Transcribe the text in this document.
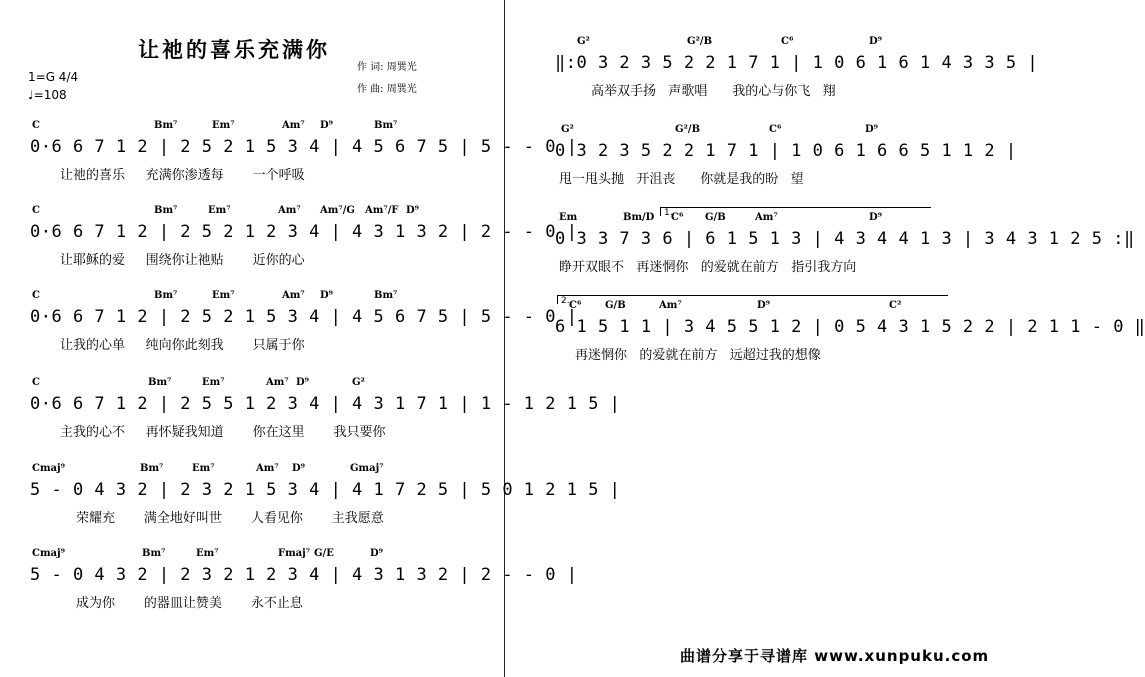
让祂的喜乐充满你
作 词: 周巽光
作 曲: 周巽光
1=G 4/4
♩=108
C	Bm⁷	Em⁷	Am⁷ D⁹	Bm⁷
0·6 6 7 1 2 | 2 5 2 1 5 3 4 | 4 5 6 7 5 | 5 - - 0 |
让祂的喜乐     充满你渗透每       一个呼吸
C	Bm⁷	Em⁷	Am⁷ Am⁷/G Am⁷/F D⁹
0·6 6 7 1 2 | 2 5 2 1 2 3 4 | 4 3 1 3 2 | 2 - - 0 |
让耶稣的爱     围绕你让祂贴       近你的心
C	Bm⁷	Em⁷	Am⁷ D⁹	Bm⁷
0·6 6 7 1 2 | 2 5 2 1 5 3 4 | 4 5 6 7 5 | 5 - - 0 |
让我的心单     纯向你此刻我       只属于你
C	Bm⁷	Em⁷	Am⁷ D⁹	G²
0·6 6 7 1 2 | 2 5 5 1 2 3 4 | 4 3 1 7 1 | 1 - 1 2 1 5 |
主我的心不     再怀疑我知道       你在这里       我只要你
Cmaj⁹	Bm⁷	Em⁷	Am⁷ D⁹	Gmaj⁷
5 - 0 4 3 2 | 2 3 2 1 5 3 4 | 4 1 7 2 5 | 5 0 1 2 1 5 |
荣耀充       满全地好叫世       人看见你       主我愿意
Cmaj⁹	Bm⁷	Em⁷	Fmaj⁷ G/E	D⁹
5 - 0 4 3 2 | 2 3 2 1 2 3 4 | 4 3 1 3 2 | 2 - - 0 |
成为你       的器皿让赞美       永不止息
G²	G²/B	C⁶	D⁹
‖:0 3 2 3 5 2 2 1 7 1 | 1 0 6 1 6 1 4 3 3 5 |
高举双手扬   声歌唱      我的心与你飞   翔
G²	G²/B	C⁶	D⁹
0 3 2 3 5 2 2 1 7 1 | 1 0 6 1 6 6 5 1 1 2 |
甩一甩头抛   开沮丧      你就是我的盼   望
1.
Em	Bm/D C⁶ G/B	Am⁷	D⁹
0 3 3 7 3 6 | 6 1 5 1 3 | 4 3 4 4 1 3 | 3 4 3 1 2 5 :‖
睁开双眼不   再迷惘你   的爱就在前方   指引我方向
2. C⁶ G/B	Am⁷	D⁹	C²
6 1 5 1 1 | 3 4 5 5 1 2 | 0 5 4 3 1 5 2 2 | 2 1 1 - 0 ‖
再迷惘你   的爱就在前方   远超过我的想像
曲谱分享于寻谱库 www.xunpuku.com
